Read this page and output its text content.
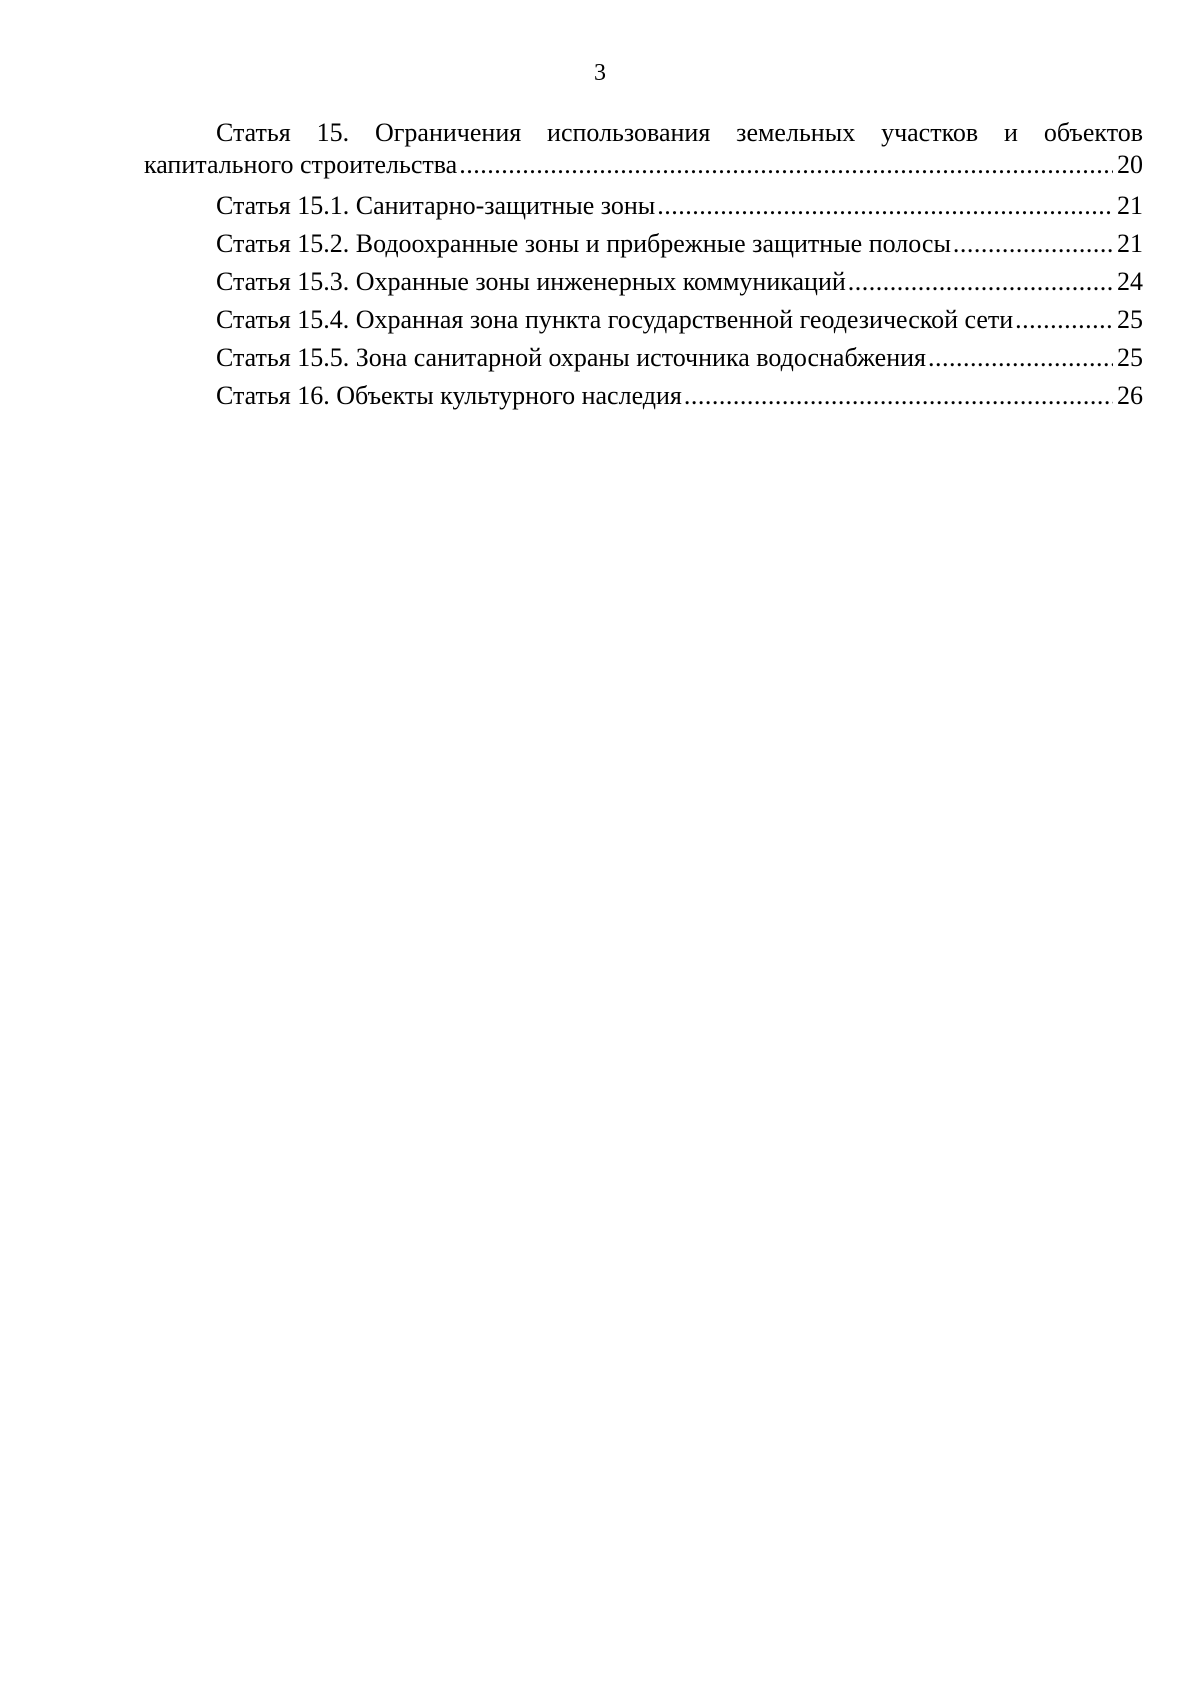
3
Статья 15. Ограничения использования земельных участков и объектов
капитального строительства .....	20
Статья 15.1. Санитарно-защитные зоны .....	21
Статья 15.2. Водоохранные зоны и прибрежные защитные полосы .....	21
Статья 15.3. Охранные зоны инженерных коммуникаций .....	24
Статья 15.4. Охранная зона пункта государственной геодезической сети .....	25
Статья 15.5. Зона санитарной охраны источника водоснабжения .....	25
Статья 16. Объекты культурного наследия .....	26
